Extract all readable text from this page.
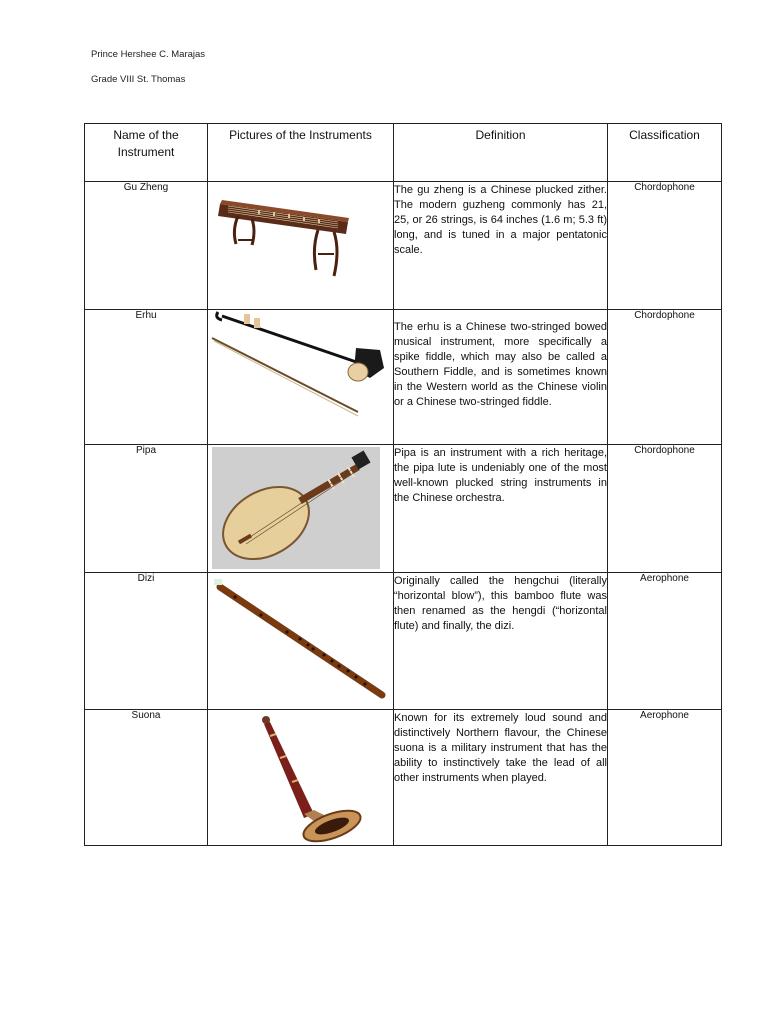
Prince Hershee C. Marajas
Grade VIII St. Thomas
Name of the Instrument	Pictures of the Instruments	Definition	Classification
Gu Zheng		The gu zheng is a Chinese plucked zither. The modern guzheng commonly has 21, 25, or 26 strings, is 64 inches (1.6 m; 5.3 ft) long, and is tuned in a major pentatonic scale.	Chordophone
Erhu		The erhu is a Chinese two-stringed bowed musical instrument, more specifically a spike fiddle, which may also be called a Southern Fiddle, and is sometimes known in the Western world as the Chinese violin or a Chinese two-stringed fiddle.	Chordophone
Pipa		Pipa is an instrument with a rich heritage, the pipa lute is undeniably one of the most well-known plucked string instruments in the Chinese orchestra.	Chordophone
Dizi		Originally called the hengchui (literally “horizontal blow”), this bamboo flute was then renamed as the hengdi (“horizontal flute) and finally, the dizi.	Aerophone
Suona		Known for its extremely loud sound and distinctively Northern flavour, the Chinese suona is a military instrument that has the ability to instinctively take the lead of all other instruments when played.	Aerophone
